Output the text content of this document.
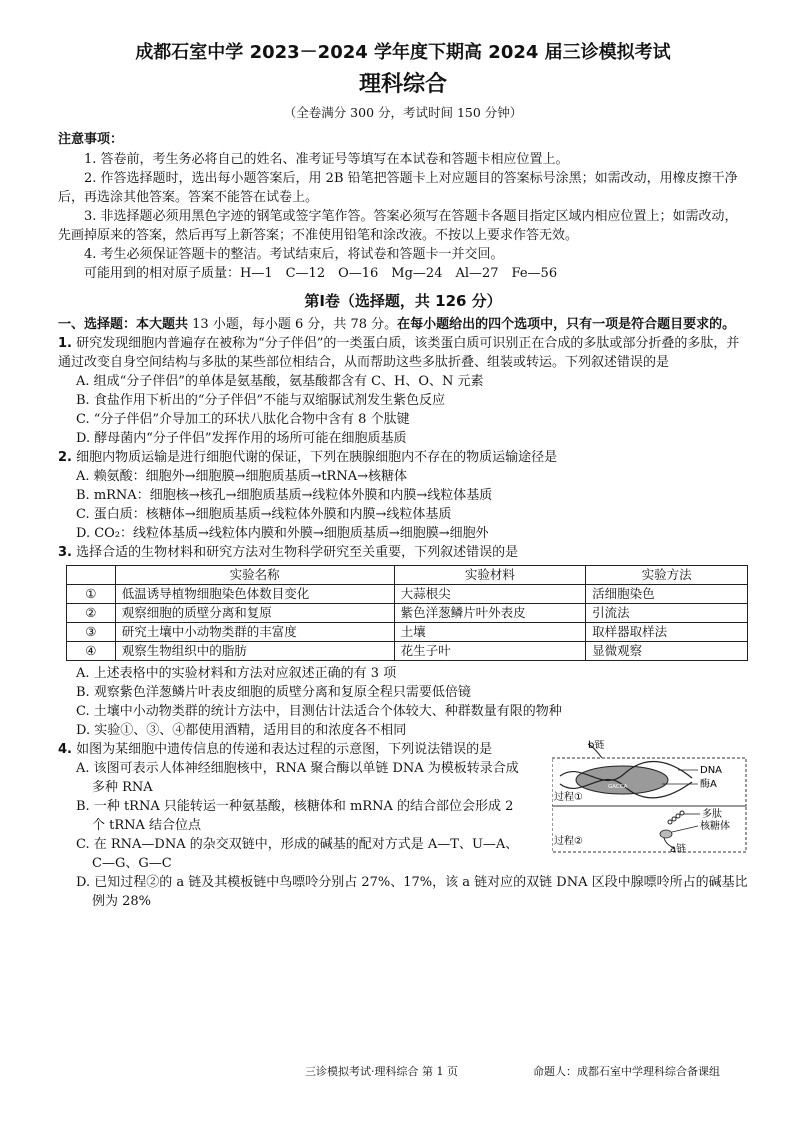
成都石室中学 2023－2024 学年度下期高 2024 届三诊模拟考试
理科综合
（全卷满分 300 分，考试时间 150 分钟）
注意事项：
1. 答卷前，考生务必将自己的姓名、准考证号等填写在本试卷和答题卡相应位置上。
2. 作答选择题时，选出每小题答案后，用 2B 铅笔把答题卡上对应题目的答案标号涂黑；如需改动，用橡皮擦干净后，再选涂其他答案。答案不能答在试卷上。
3. 非选择题必须用黑色字迹的钢笔或签字笔作答。答案必须写在答题卡各题目指定区域内相应位置上；如需改动，先画掉原来的答案，然后再写上新答案；不准使用铅笔和涂改液。不按以上要求作答无效。
4. 考生必须保证答题卡的整洁。考试结束后，将试卷和答题卡一并交回。
可能用到的相对原子质量：H—1　C—12　O—16　Mg—24　Al—27　Fe—56
第Ⅰ卷（选择题，共 126 分）
一、选择题：本大题共 13 小题，每小题 6 分，共 78 分。在每小题给出的四个选项中，只有一项是符合题目要求的。
1. 研究发现细胞内普遍存在被称为“分子伴侣”的一类蛋白质，该类蛋白质可识别正在合成的多肽或部分折叠的多肽，并通过改变自身空间结构与多肽的某些部位相结合，从而帮助这些多肽折叠、组装或转运。下列叙述错误的是
A. 组成“分子伴侣”的单体是氨基酸，氨基酸都含有 C、H、O、N 元素
B. 食盐作用下析出的“分子伴侣”不能与双缩脲试剂发生紫色反应
C. “分子伴侣”介导加工的环状八肽化合物中含有 8 个肽键
D. 酵母菌内“分子伴侣”发挥作用的场所可能在细胞质基质
2. 细胞内物质运输是进行细胞代谢的保证，下列在胰腺细胞内不存在的物质运输途径是
A. 赖氨酸：细胞外→细胞膜→细胞质基质→tRNA→核糖体
B. mRNA：细胞核→核孔→细胞质基质→线粒体外膜和内膜→线粒体基质
C. 蛋白质：核糖体→细胞质基质→线粒体外膜和内膜→线粒体基质
D. CO₂：线粒体基质→线粒体内膜和外膜→细胞质基质→细胞膜→细胞外
3. 选择合适的生物材料和研究方法对生物科学研究至关重要，下列叙述错误的是
	实验名称	实验材料	实验方法
①	低温诱导植物细胞染色体数目变化	大蒜根尖	活细胞染色
②	观察细胞的质壁分离和复原	紫色洋葱鳞片叶外表皮	引流法
③	研究土壤中小动物类群的丰富度	土壤	取样器取样法
④	观察生物组织中的脂肪	花生子叶	显微观察
A. 上述表格中的实验材料和方法对应叙述正确的有 3 项
B. 观察紫色洋葱鳞片叶表皮细胞的质壁分离和复原全程只需要低倍镜
C. 土壤中小动物类群的统计方法中，目测估计法适合个体较大、种群数量有限的物种
D. 实验①、③、④都使用酒精，适用目的和浓度各不相同
4. 如图为某细胞中遗传信息的传递和表达过程的示意图，下列说法错误的是
A. 该图可表示人体神经细胞核中，RNA 聚合酶以单链 DNA 为模板转录合成多种 RNA
B. 一种 tRNA 只能转运一种氨基酸，核糖体和 mRNA 的结合部位会形成 2 个 tRNA 结合位点
C. 在 RNA—DNA 的杂交双链中，形成的碱基的配对方式是 A—T、U—A、C—G、G—C
D. 已知过程②的 a 链及其模板链中鸟嘌呤分别占 27%、17%，该 a 链对应的双链 DNA 区段中腺嘌呤所占的碱基比例为 28%
b链
GACCA
DNA
酶A
过程①
多肽
核糖体
过程②
a链
三诊模拟考试·理科综合 第 1 页	命题人：成都石室中学理科综合备课组
